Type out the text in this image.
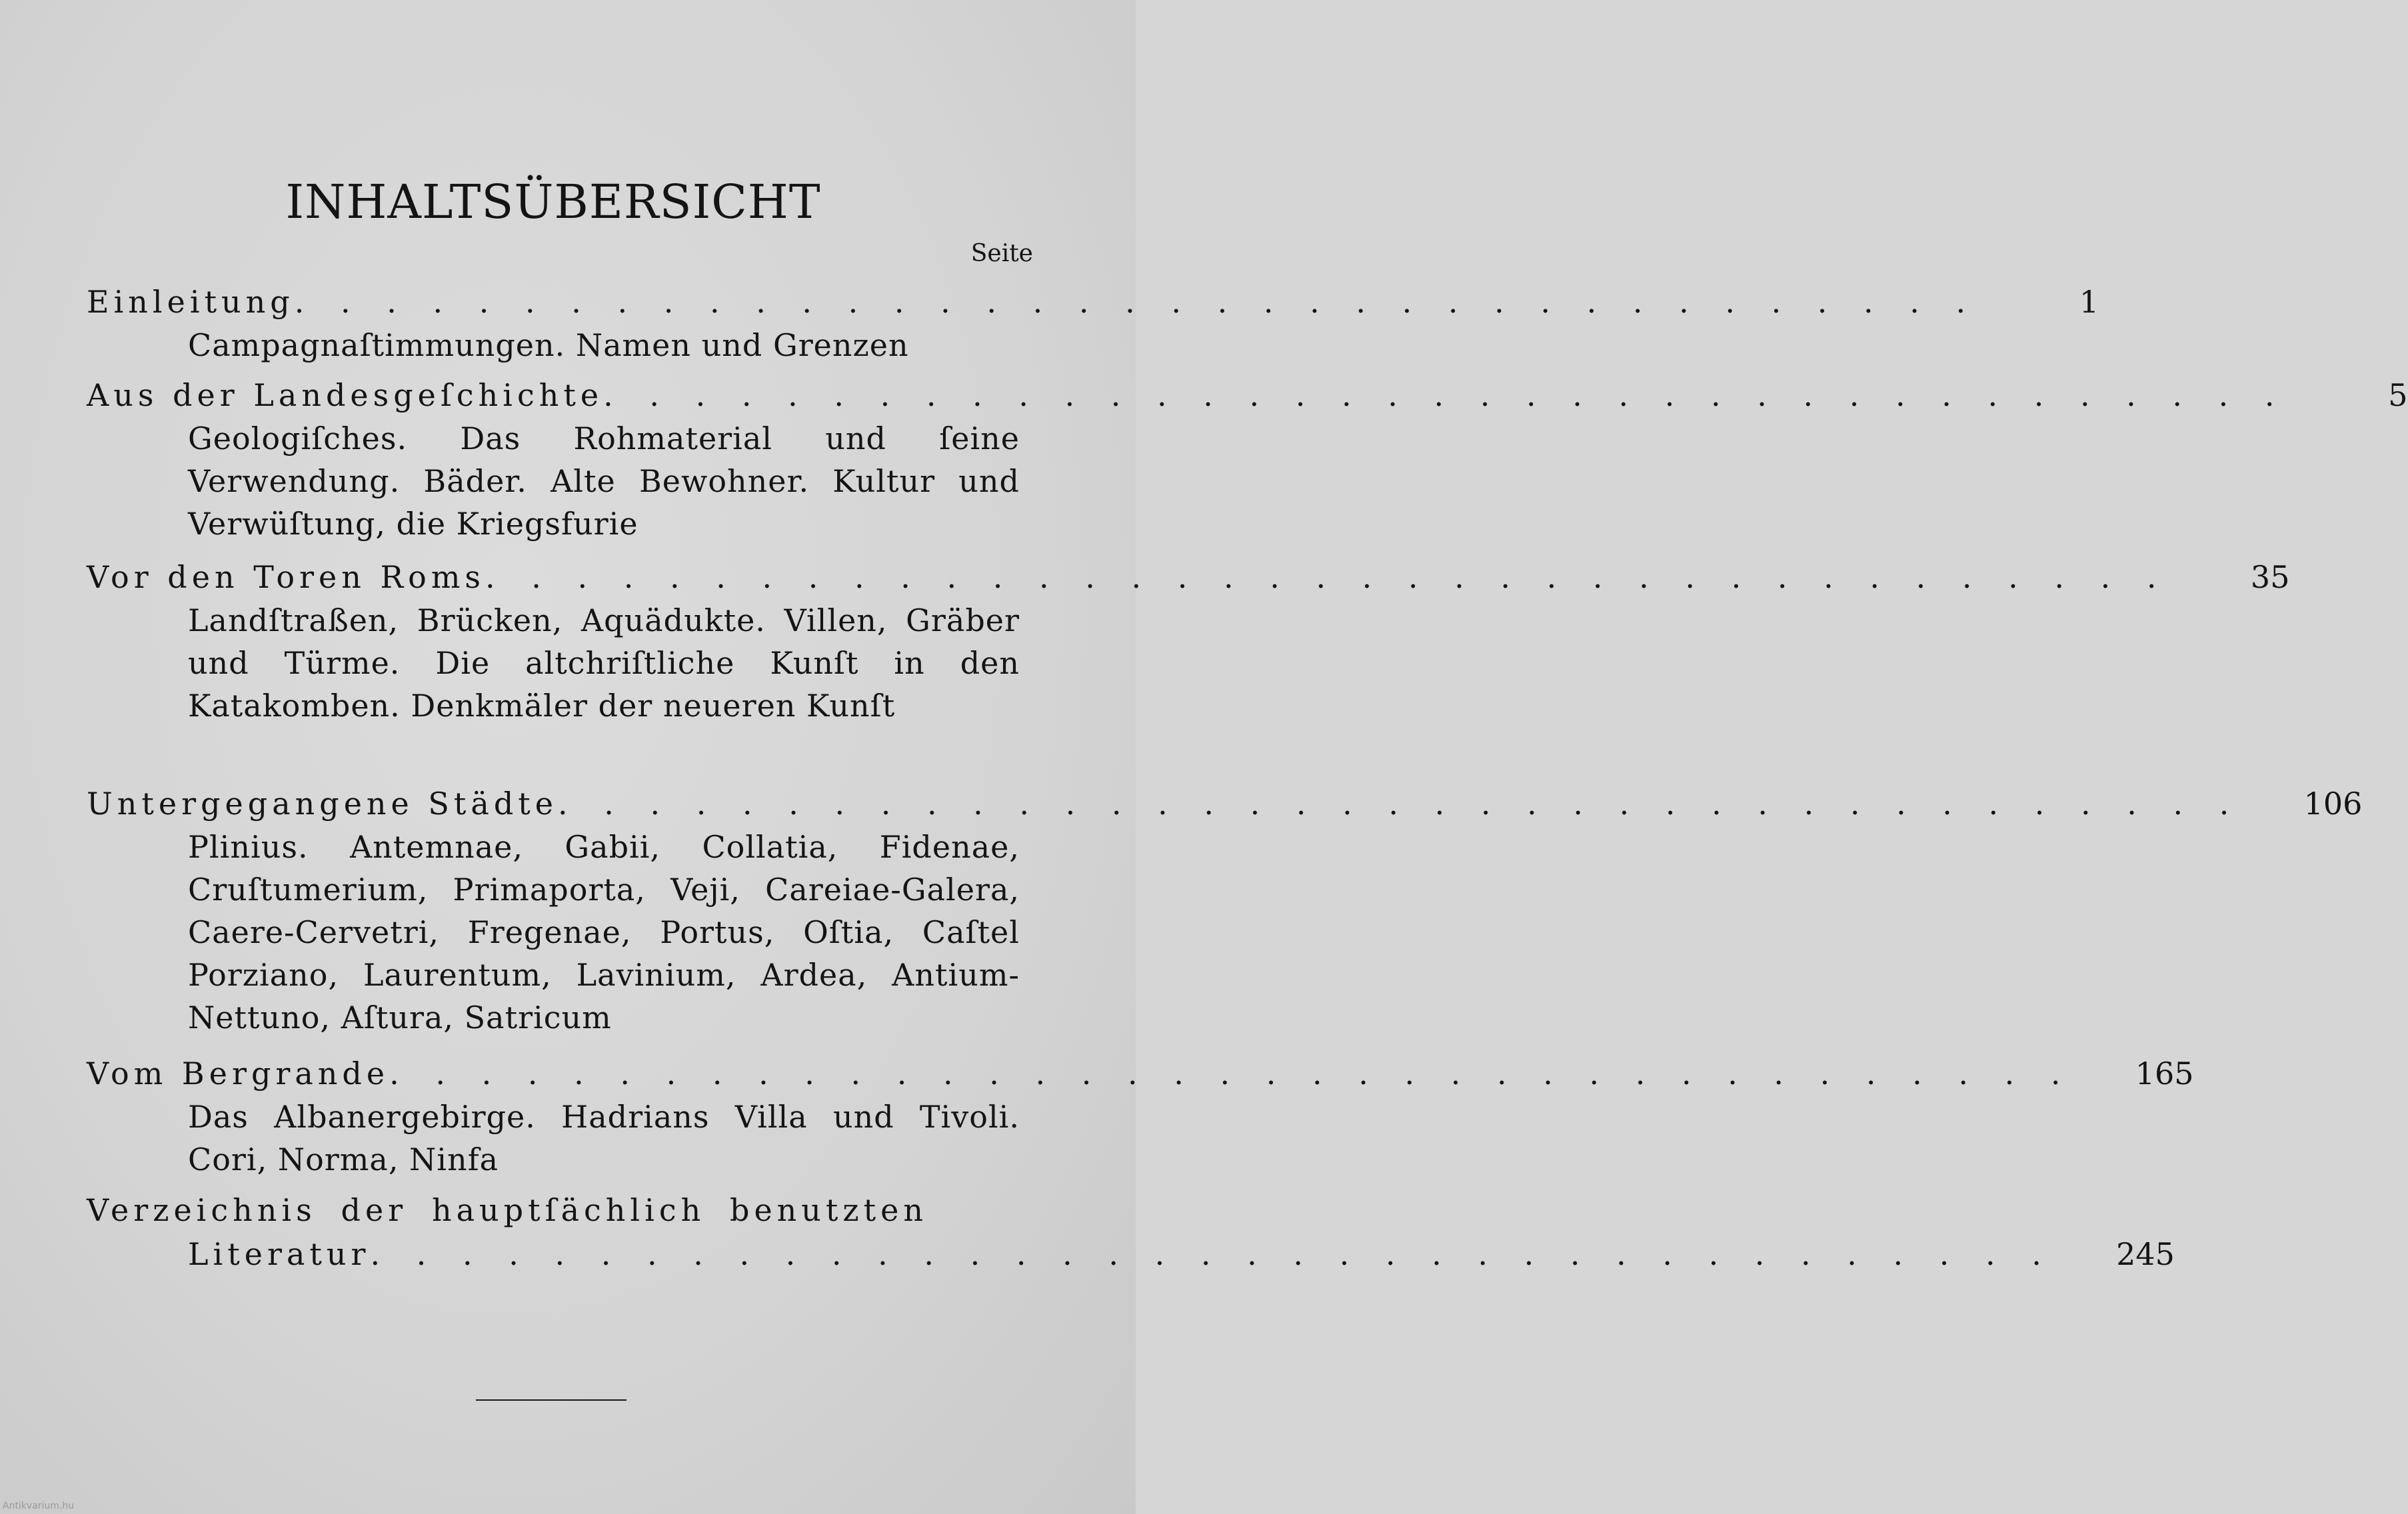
INHALTSÜBERSICHT
Seite
Einleitung . . . . . . . . . . . . . . . . . . . . . . . . . . . . . . . . . . . . .	1
Campagnaſtimmungen. Namen und Grenzen
Aus der Landesgeſchichte . . . . . . . . . . . . . . . . . . . . . . . . . . . . . . . . . . . . .	5
Geologiſches. Das Rohmaterial und ſeine Verwendung. Bäder. Alte Bewohner. Kultur und Verwüſtung, die Kriegsfurie
Vor den Toren Roms . . . . . . . . . . . . . . . . . . . . . . . . . . . . . . . . . . . . .	35
Landſtraßen, Brücken, Aquädukte. Villen, Gräber und Türme. Die altchriſtliche Kunſt in den Katakomben. Denkmäler der neueren Kunſt
Untergegangene Städte . . . . . . . . . . . . . . . . . . . . . . . . . . . . . . . . . . . . .	106
Plinius. Antemnae, Gabii, Collatia, Fidenae, Cruſtumerium, Primaporta, Veji, Careiae-Galera, Caere-Cervetri, Fregenae, Portus, Oſtia, Caſtel Porziano, Laurentum, Lavinium, Ardea, Antium-Nettuno, Aſtura, Satricum
Vom Bergrande . . . . . . . . . . . . . . . . . . . . . . . . . . . . . . . . . . . . .	165
Das Albanergebirge. Hadrians Villa und Tivoli. Cori, Norma, Ninfa
Verzeichnis der hauptſächlich benutzten
Literatur . . . . . . . . . . . . . . . . . . . . . . . . . . . . . . . . . . . . .	245
Antikvarium.hu
